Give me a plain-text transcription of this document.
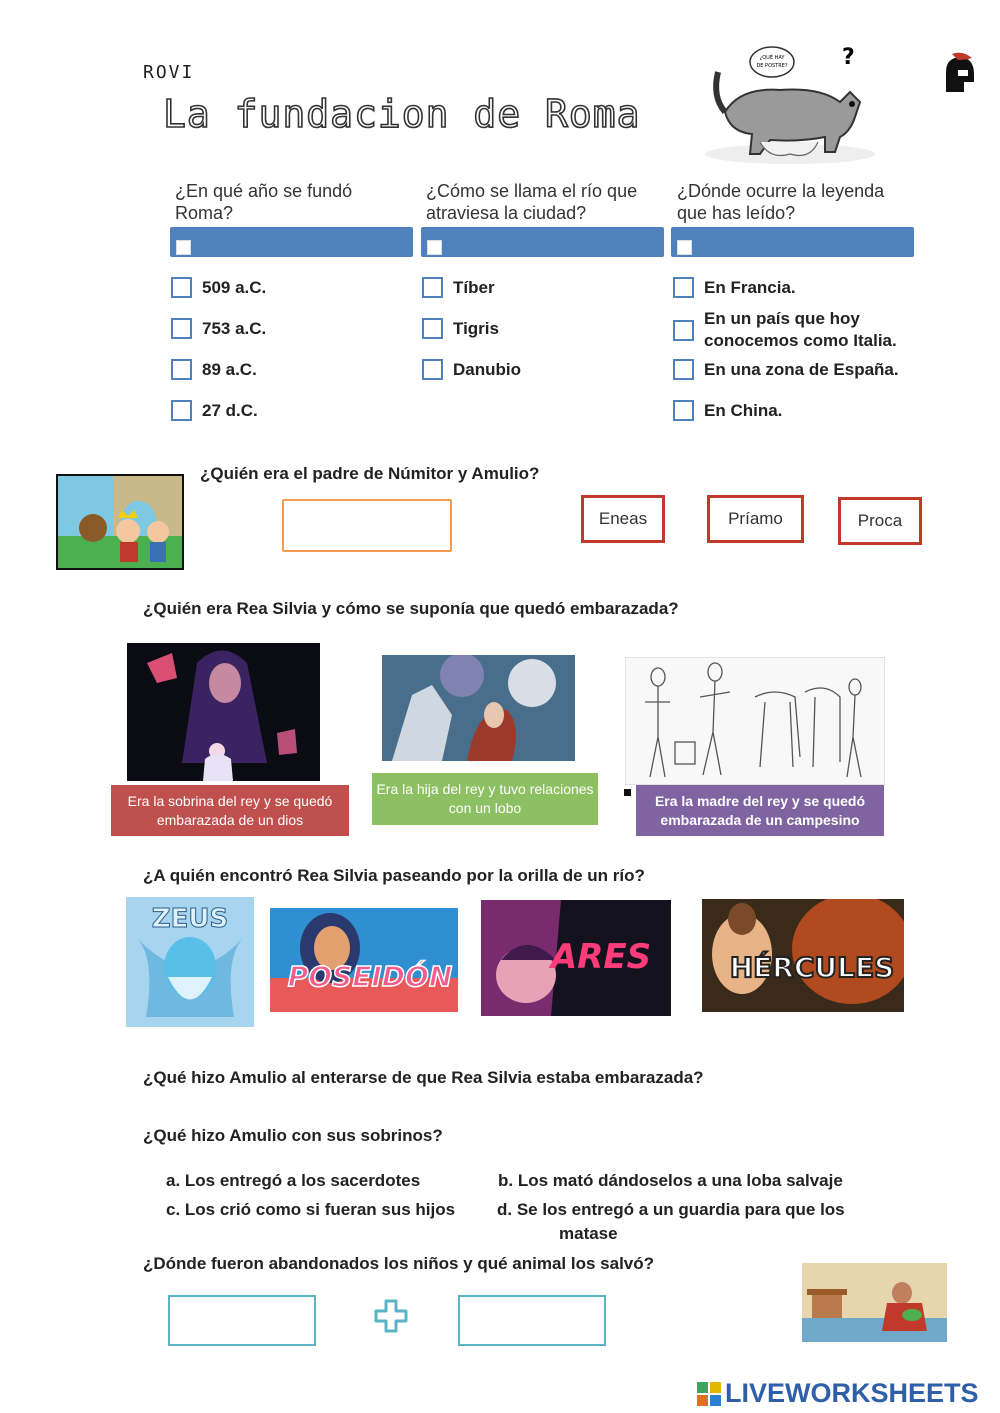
ROVI
La fundacion de Roma
¿QUÉ HAY
DE POSTRE? ?
¿En qué año se fundó Roma?
¿Cómo se llama el río que atraviesa la ciudad?
¿Dónde ocurre la leyenda que has leído?
509 a.C.
753 a.C.
89 a.C.
27 d.C.
Tíber
Tigris
Danubio
En Francia.
En un país que hoy conocemos como Italia.
En una zona de España.
En China.
¿Quién era el padre de Númitor y Amulio?
Eneas	Príamo	Proca
¿Quién era Rea Silvia y cómo se suponía que quedó embarazada?
Era la sobrina del rey y se quedó embarazada de un dios
Era la hija del rey y tuvo relaciones con un lobo	Era la madre del rey y se quedó embarazada de un campesino
¿A quién encontró Rea Silvia paseando por la orilla de un río?
ZEUS
POSEIDÓN	ARES	HÉRCULES
¿Qué hizo Amulio al enterarse de que Rea Silvia estaba embarazada?
¿Qué hizo Amulio con sus sobrinos?
a. Los entregó a los sacerdotes	b. Los mató dándoselos a una loba salvaje
c. Los crió como si fueran sus hijos d. Se los entregó a un guardia para que los
matase
¿Dónde fueron abandonados los niños y qué animal los salvó?
LIVEWORKSHEETS
